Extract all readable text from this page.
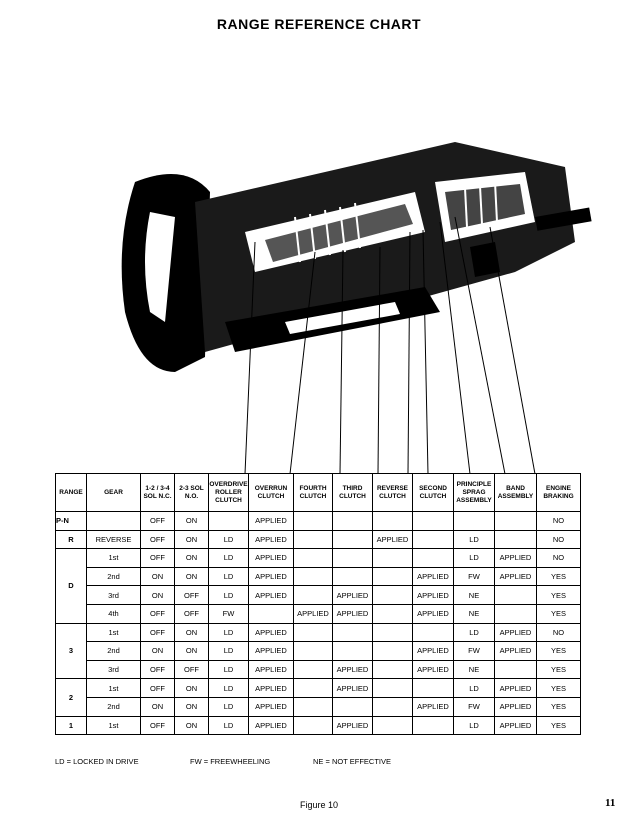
RANGE REFERENCE CHART
RANGE	GEAR	1-2 / 3-4 SOL N.C.	2-3 SOL N.O.	OVERDRIVE ROLLER CLUTCH	OVERRUN CLUTCH	FOURTH CLUTCH	THIRD CLUTCH	REVERSE CLUTCH	SECOND CLUTCH	PRINCIPLE SPRAG ASSEMBLY	BAND ASSEMBLY	ENGINE BRAKING
P-N		OFF	ON		APPLIED							NO
R	REVERSE	OFF	ON	LD	APPLIED			APPLIED		LD		NO
D	1st	OFF	ON	LD	APPLIED					LD	APPLIED	NO
	2nd	ON	ON	LD	APPLIED				APPLIED	FW	APPLIED	YES
	3rd	ON	OFF	LD	APPLIED		APPLIED		APPLIED	NE		YES
	4th	OFF	OFF	FW		APPLIED	APPLIED		APPLIED	NE		YES
3	1st	OFF	ON	LD	APPLIED					LD	APPLIED	NO
	2nd	ON	ON	LD	APPLIED				APPLIED	FW	APPLIED	YES
	3rd	OFF	OFF	LD	APPLIED		APPLIED		APPLIED	NE		YES
2	1st	OFF	ON	LD	APPLIED		APPLIED			LD	APPLIED	YES
	2nd	ON	ON	LD	APPLIED				APPLIED	FW	APPLIED	YES
1	1st	OFF	ON	LD	APPLIED		APPLIED			LD	APPLIED	YES
LD = LOCKED IN DRIVE	FW = FREEWHEELING	NE = NOT EFFECTIVE
Figure 10	11
